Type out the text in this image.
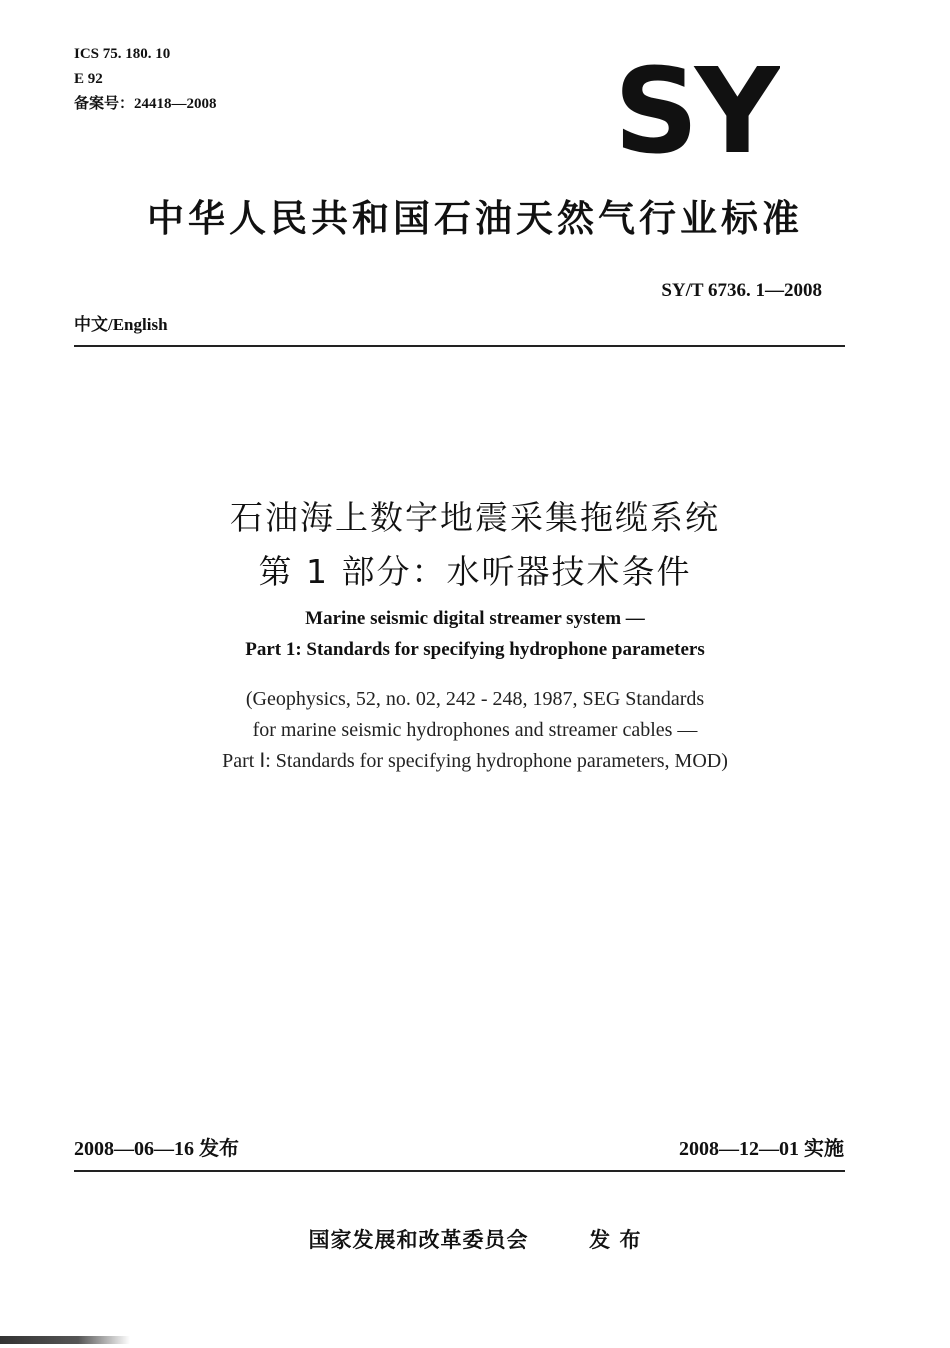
ICS 75. 180. 10
E 92
备案号：24418—2008	SY
中华人民共和国石油天然气行业标准
SY/T 6736. 1—2008
中文/English
石油海上数字地震采集拖缆系统
第 1 部分：水听器技术条件
Marine seismic digital streamer system —
Part 1: Standards for specifying hydrophone parameters
(Geophysics, 52, no. 02, 242 - 248, 1987, SEG Standards
for marine seismic hydrophones and streamer cables —
Part Ⅰ: Standards for specifying hydrophone parameters, MOD)
2008—06—16 发布	2008—12—01 实施
国家发展和改革委员会	发 布
